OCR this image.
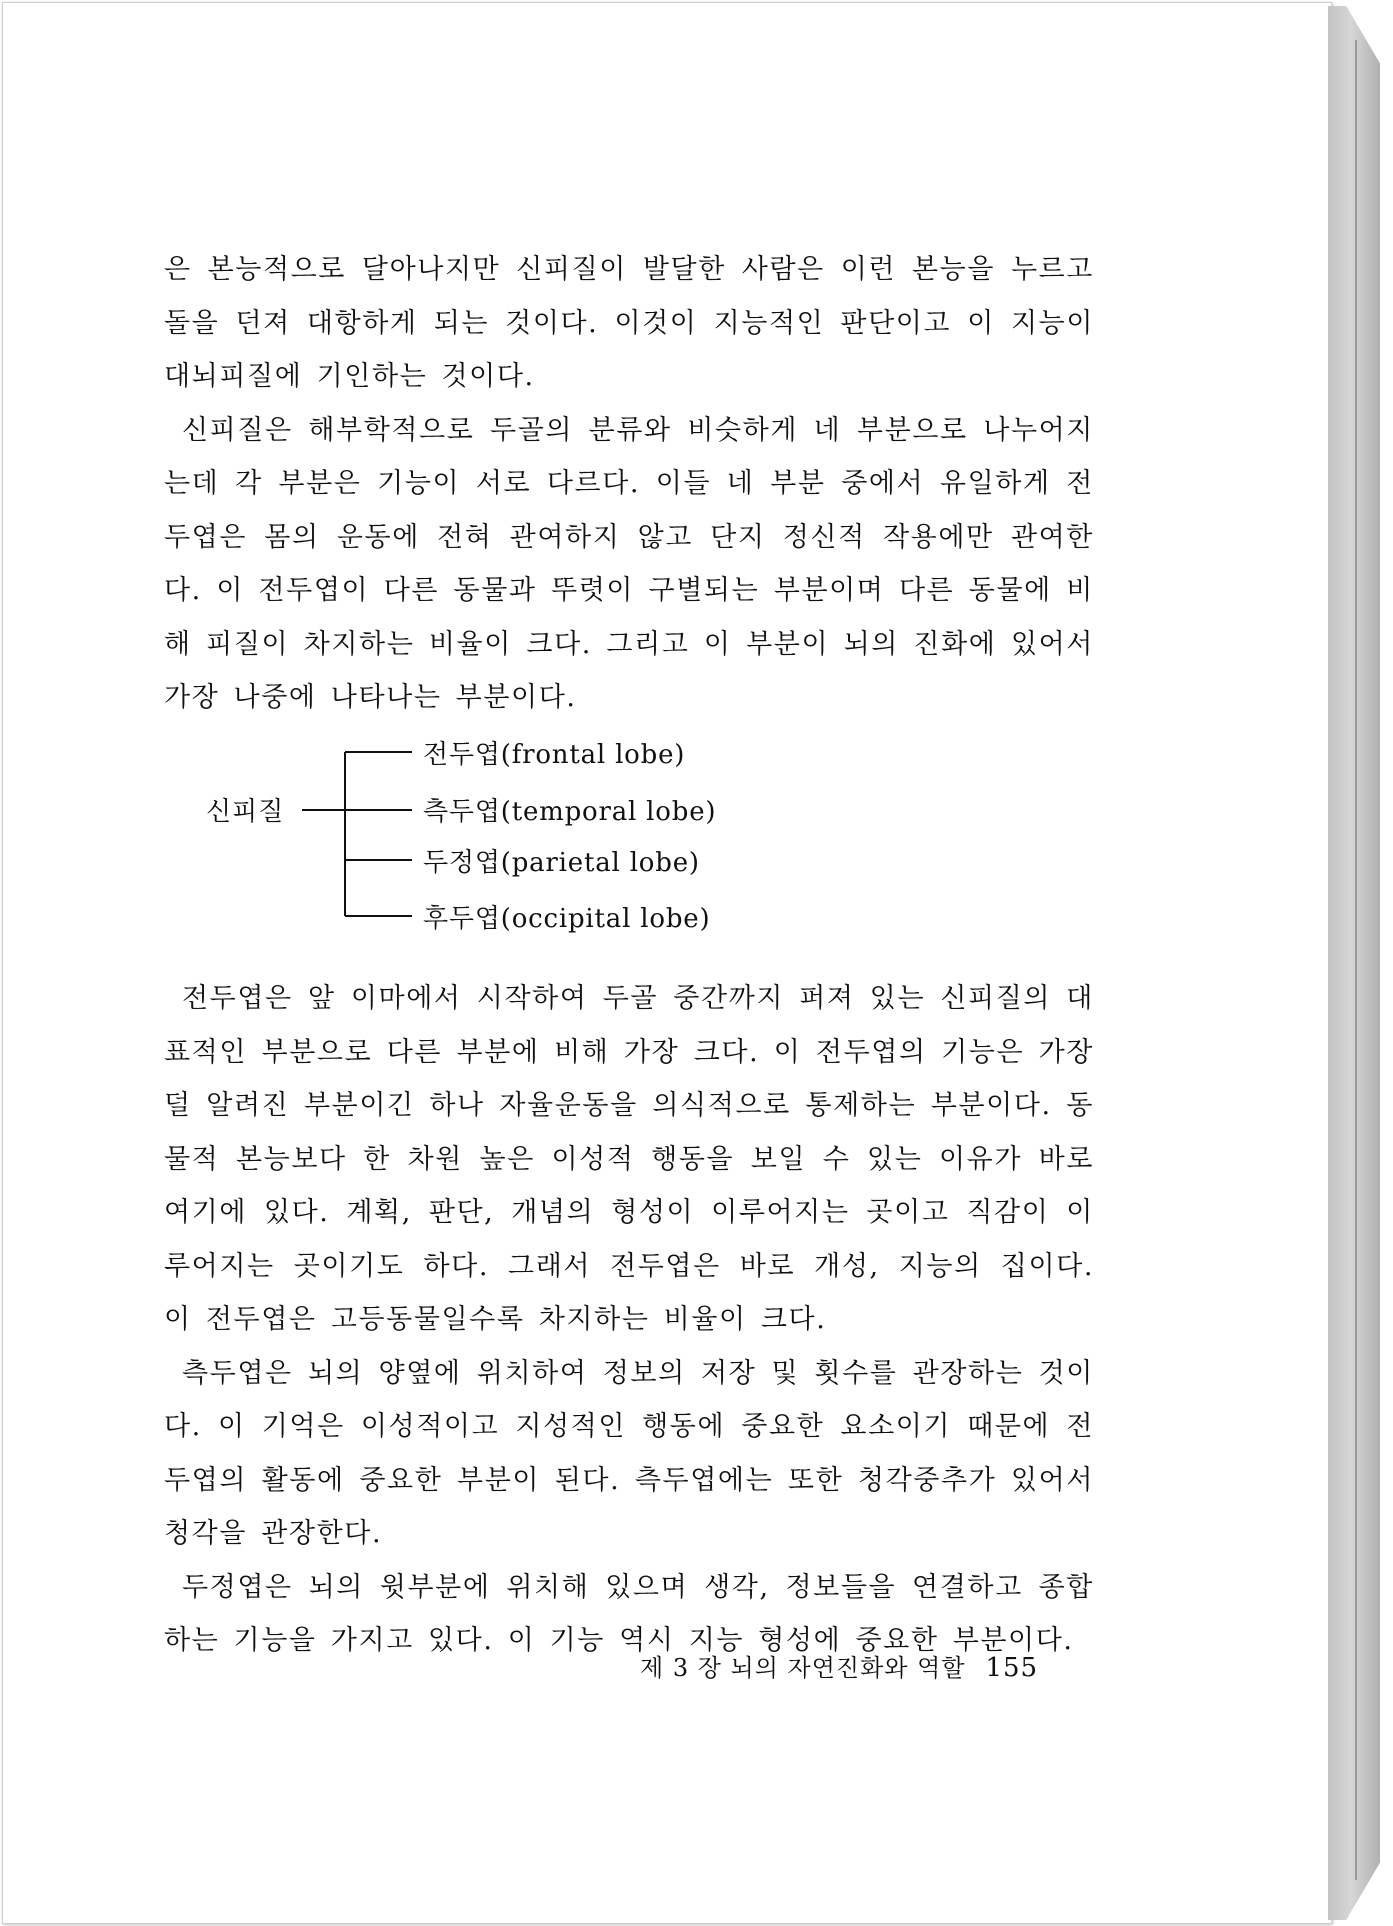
은 본능적으로 달아나지만 신피질이 발달한 사람은 이런 본능을 누르고 돌을 던져 대항하게 되는 것이다. 이것이 지능적인 판단이고 이 지능이 대뇌피질에 기인하는 것이다.

신피질은 해부학적으로 두골의 분류와 비슷하게 네 부분으로 나누어지는데 각 부분은 기능이 서로 다르다. 이들 네 부분 중에서 유일하게 전두엽은 몸의 운동에 전혀 관여하지 않고 단지 정신적 작용에만 관여한다. 이 전두엽이 다른 동물과 뚜렷이 구별되는 부분이며 다른 동물에 비해 피질이 차지하는 비율이 크다. 그리고 이 부분이 뇌의 진화에 있어서 가장 나중에 나타나는 부분이다.

신피질
전두엽(frontal lobe)
측두엽(temporal lobe)
두정엽(parietal lobe)
후두엽(occipital lobe)

전두엽은 앞 이마에서 시작하여 두골 중간까지 퍼져 있는 신피질의 대표적인 부분으로 다른 부분에 비해 가장 크다. 이 전두엽의 기능은 가장 덜 알려진 부분이긴 하나 자율운동을 의식적으로 통제하는 부분이다. 동물적 본능보다 한 차원 높은 이성적 행동을 보일 수 있는 이유가 바로 여기에 있다. 계획, 판단, 개념의 형성이 이루어지는 곳이고 직감이 이루어지는 곳이기도 하다. 그래서 전두엽은 바로 개성, 지능의 집이다. 이 전두엽은 고등동물일수록 차지하는 비율이 크다.

측두엽은 뇌의 양옆에 위치하여 정보의 저장 및 횟수를 관장하는 것이다. 이 기억은 이성적이고 지성적인 행동에 중요한 요소이기 때문에 전두엽의 활동에 중요한 부분이 된다. 측두엽에는 또한 청각중추가 있어서 청각을 관장한다.

두정엽은 뇌의 윗부분에 위치해 있으며 생각, 정보들을 연결하고 종합하는 기능을 가지고 있다. 이 기능 역시 지능 형성에 중요한 부분이다.

제 3 장 뇌의 자연진화와 역할 155
